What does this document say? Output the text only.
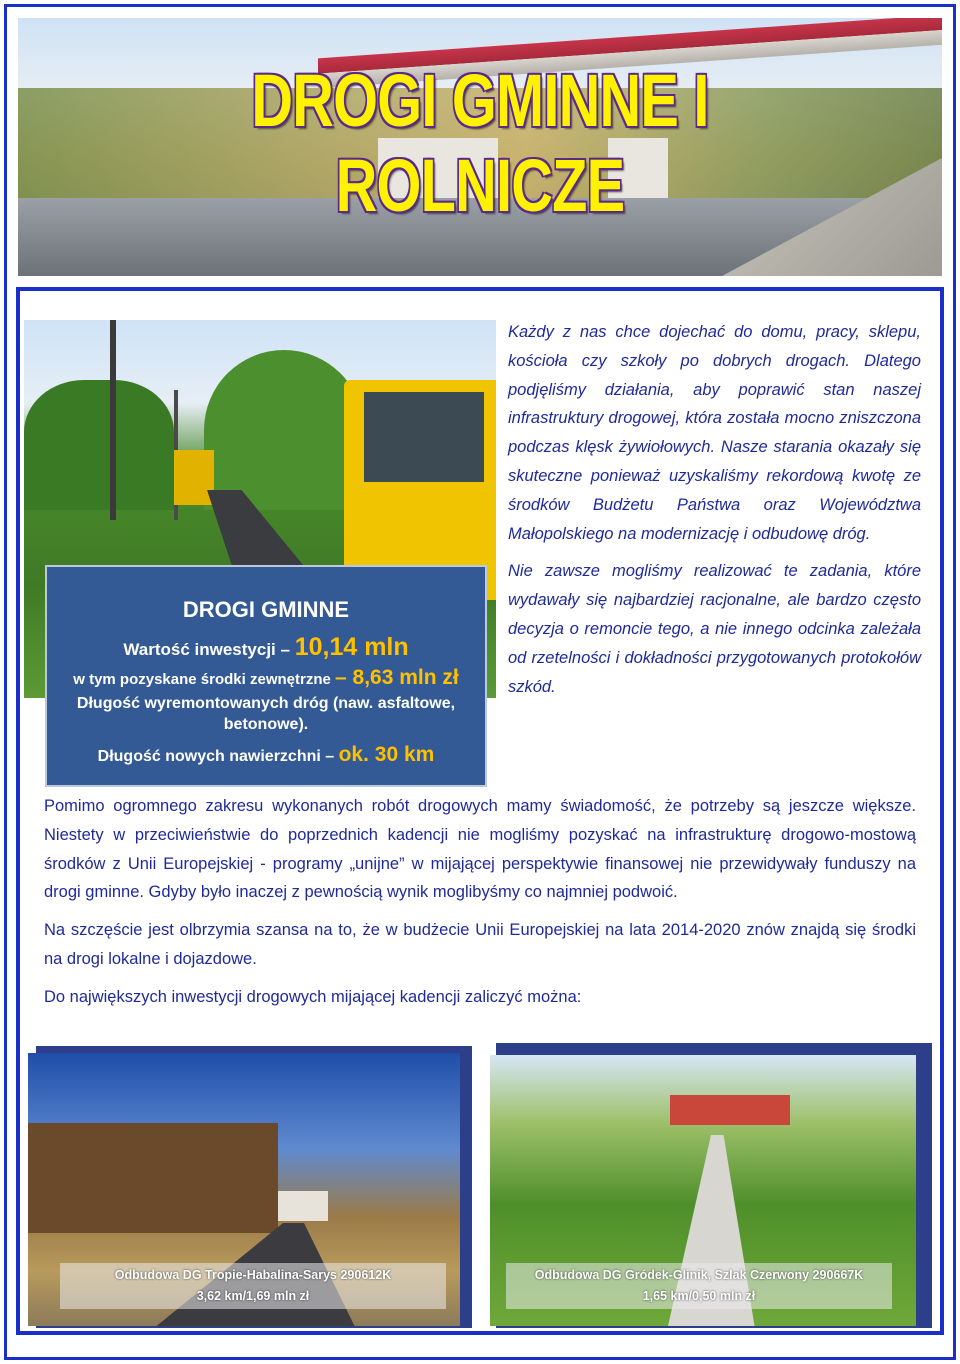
DROGI GMINNE I ROLNICZE
DROGI GMINNE
Wartość inwestycji – 10,14 mln
w tym pozyskane środki zewnętrzne – 8,63 mln zł
Długość wyremontowanych dróg (naw. asfaltowe, betonowe).
Długość nowych nawierzchni – ok. 30 km

Każdy z nas chce dojechać do domu, pracy, sklepu, kościoła czy szkoły po dobrych drogach. Dlatego podjęliśmy działania, aby poprawić stan naszej infrastruktury drogowej, która została mocno zniszczona podczas klęsk żywiołowych. Nasze starania okazały się skuteczne ponieważ uzyskaliśmy rekordową kwotę ze środków Budżetu Państwa oraz Województwa Małopolskiego na modernizację i odbudowę dróg.

Nie zawsze mogliśmy realizować te zadania, które wydawały się najbardziej racjonalne, ale bardzo często decyzja o remoncie tego, a nie innego odcinka zależała od rzetelności i dokładności przygotowanych protokołów szkód.

Pomimo ogromnego zakresu wykonanych robót drogowych mamy świadomość, że potrzeby są jeszcze większe. Niestety w przeciwieństwie do poprzednich kadencji nie mogliśmy pozyskać na infrastrukturę drogowo-mostową środków z Unii Europejskiej - programy „unijne” w mijającej perspektywie finansowej nie przewidywały funduszy na drogi gminne. Gdyby było inaczej z pewnością wynik moglibyśmy co najmniej podwoić.

Na szczęście jest olbrzymia szansa na to, że w budżecie Unii Europejskiej na lata 2014-2020 znów znajdą się środki na drogi lokalne i dojazdowe.

Do największych inwestycji drogowych mijającej kadencji zaliczyć można:

Odbudowa DG Tropie-Habalina-Sarys 290612K
3,62 km/1,69 mln zł
Odbudowa DG Gródek-Glinik, Szlak Czerwony 290667K
1,65 km/0,50 mln zł
